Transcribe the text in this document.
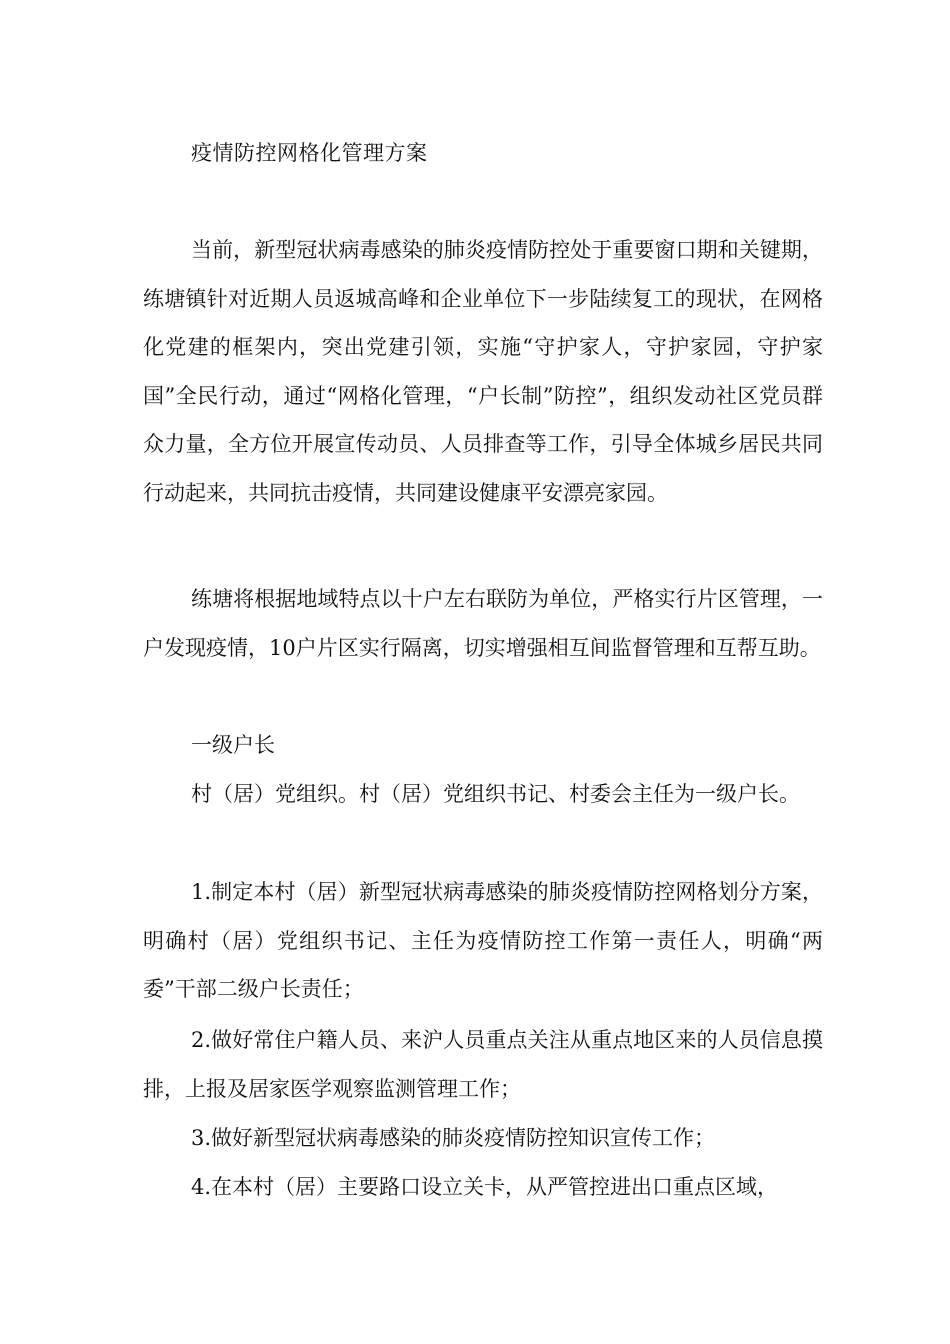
疫情防控网格化管理方案

当前，新型冠状病毒感染的肺炎疫情防控处于重要窗口期和关键期，练塘镇针对近期人员返城高峰和企业单位下一步陆续复工的现状，在网格化党建的框架内，突出党建引领，实施“守护家人，守护家园，守护家国”全民行动，通过“网格化管理，“户长制”防控”，组织发动社区党员群众力量，全方位开展宣传动员、人员排查等工作，引导全体城乡居民共同行动起来，共同抗击疫情，共同建设健康平安漂亮家园。

练塘将根据地域特点以十户左右联防为单位，严格实行片区管理，一户发现疫情，10户片区实行隔离，切实增强相互间监督管理和互帮互助。

一级户长

村（居）党组织。村（居）党组织书记、村委会主任为一级户长。

1.制定本村（居）新型冠状病毒感染的肺炎疫情防控网格划分方案，明确村（居）党组织书记、主任为疫情防控工作第一责任人，明确“两委”干部二级户长责任；

2.做好常住户籍人员、来沪人员重点关注从重点地区来的人员信息摸排，上报及居家医学观察监测管理工作；

3.做好新型冠状病毒感染的肺炎疫情防控知识宣传工作；

4.在本村（居）主要路口设立关卡，从严管控进出口重点区域，
